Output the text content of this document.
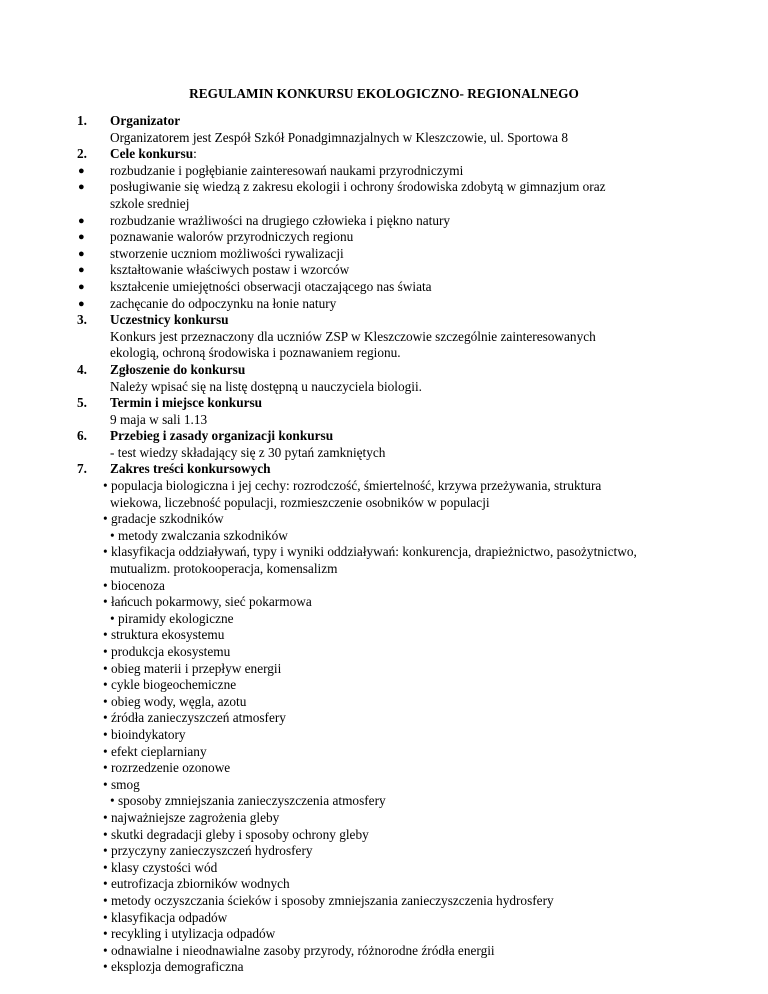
REGULAMIN KONKURSU EKOLOGICZNO- REGIONALNEGO
1. Organizator
Organizatorem jest Zespół Szkół Ponadgimnazjalnych w Kleszczowie, ul. Sportowa 8
2. Cele konkursu:
● rozbudzanie i pogłębianie zainteresowań naukami przyrodniczymi
● posługiwanie się wiedzą z zakresu ekologii i ochrony środowiska zdobytą w gimnazjum oraz
szkole sredniej
● rozbudzanie wrażliwości na drugiego człowieka i piękno natury
● poznawanie walorów przyrodniczych regionu
● stworzenie uczniom możliwości rywalizacji
● kształtowanie właściwych postaw i wzorców
● kształcenie umiejętności obserwacji otaczającego nas świata
● zachęcanie do odpoczynku na łonie natury
3. Uczestnicy konkursu
Konkurs jest przeznaczony dla uczniów ZSP w Kleszczowie szczególnie zainteresowanych
ekologią, ochroną środowiska i poznawaniem regionu.
4. Zgłoszenie do konkursu
Należy wpisać się na listę dostępną u nauczyciela biologii.
5. Termin i miejsce konkursu
9 maja w sali 1.13
6. Przebieg i zasady organizacji konkursu
- test wiedzy składający się z 30 pytań zamkniętych
7. Zakres treści konkursowych
• populacja biologiczna i jej cechy: rozrodczość, śmiertelność, krzywa przeżywania, struktura
wiekowa, liczebność populacji, rozmieszczenie osobników w populacji
• gradacje szkodników
• metody zwalczania szkodników
• klasyfikacja oddziaływań, typy i wyniki oddziaływań: konkurencja, drapieżnictwo, pasożytnictwo,
mutualizm. protokooperacja, komensalizm
• biocenoza
• łańcuch pokarmowy, sieć pokarmowa
• piramidy ekologiczne
• struktura ekosystemu
• produkcja ekosystemu
• obieg materii i przepływ energii
• cykle biogeochemiczne
• obieg wody, węgla, azotu
• źródła zanieczyszczeń atmosfery
• bioindykatory
• efekt cieplarniany
• rozrzedzenie ozonowe
• smog
• sposoby zmniejszania zanieczyszczenia atmosfery
• najważniejsze zagrożenia gleby
• skutki degradacji gleby i sposoby ochrony gleby
• przyczyny zanieczyszczeń hydrosfery
• klasy czystości wód
• eutrofizacja zbiorników wodnych
• metody oczyszczania ścieków i sposoby zmniejszania zanieczyszczenia hydrosfery
• klasyfikacja odpadów
• recykling i utylizacja odpadów
• odnawialne i nieodnawialne zasoby przyrody, różnorodne źródła energii
• eksplozja demograficzna
